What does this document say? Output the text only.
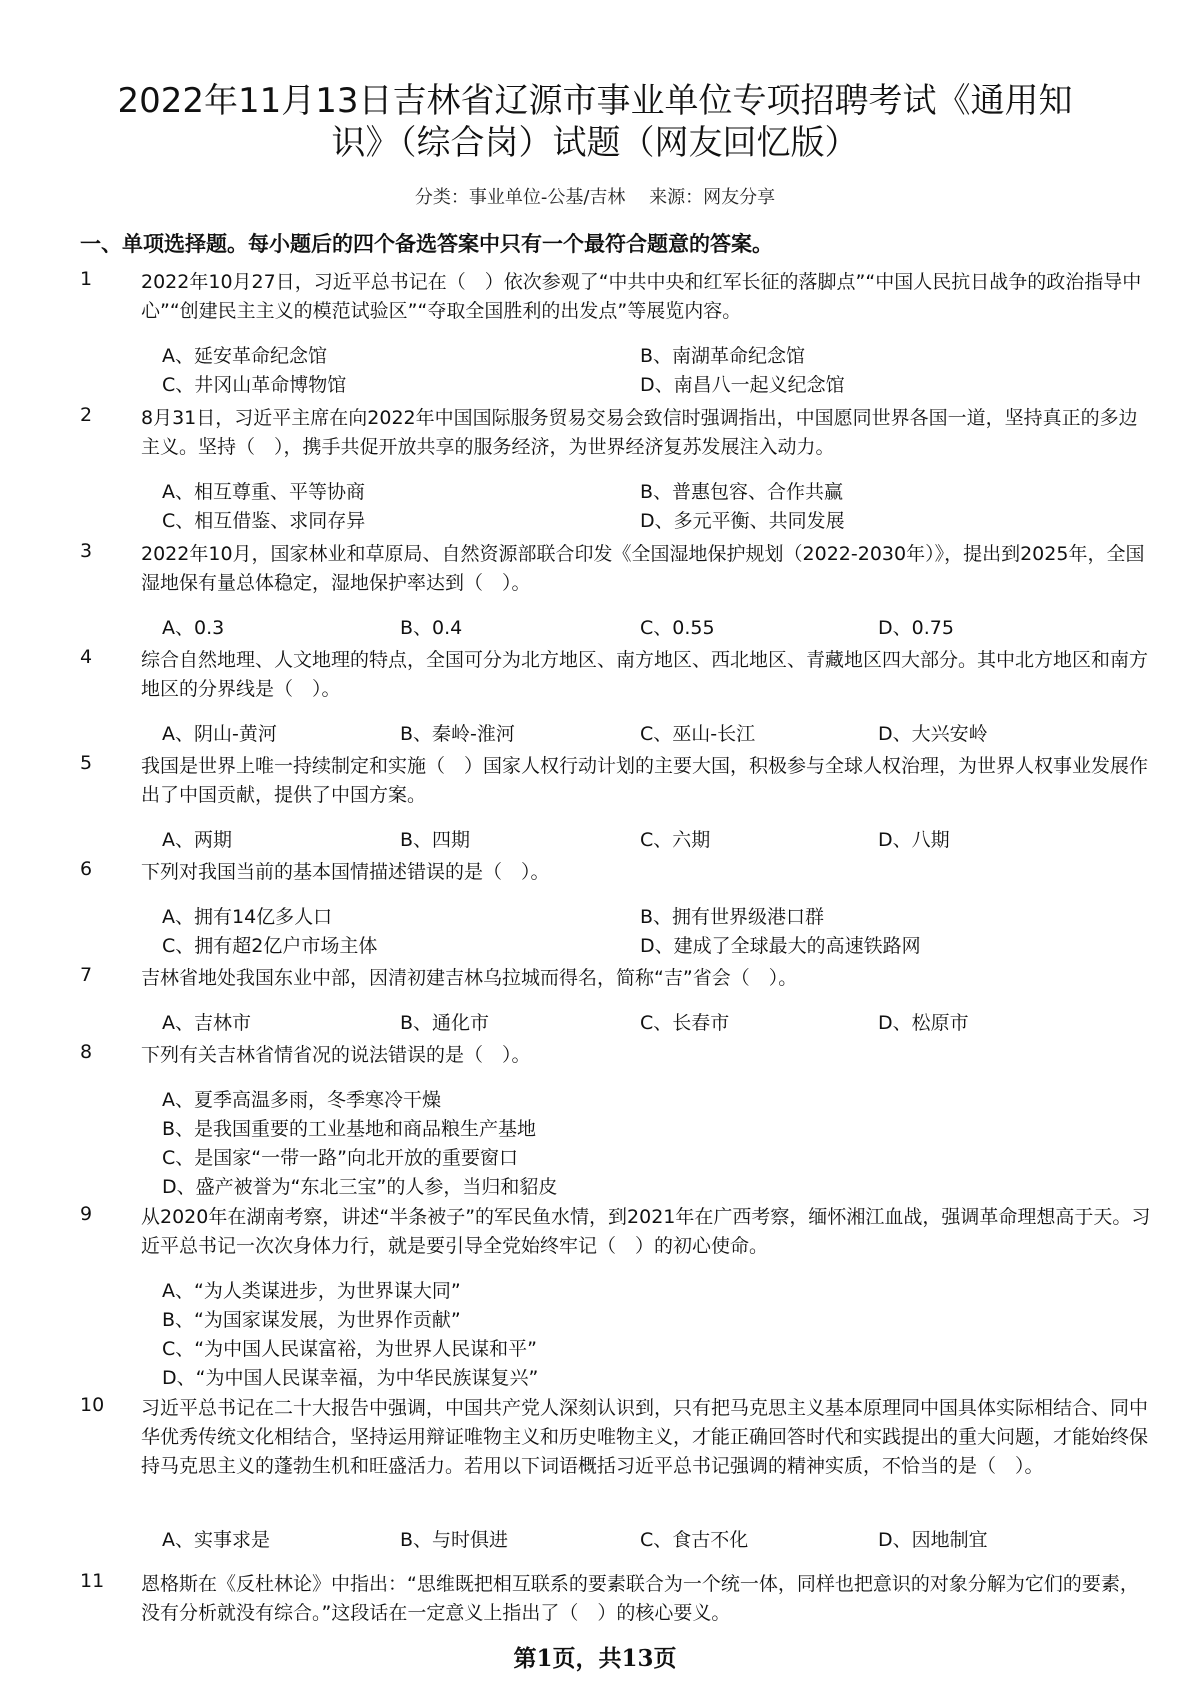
2022年11月13日吉林省辽源市事业单位专项招聘考试《通用知
识》（综合岗）试题（网友回忆版）
分类：事业单位-公基/吉林 来源：网友分享
一、单项选择题。每小题后的四个备选答案中只有一个最符合题意的答案。
1	2022年10月27日，习近平总书记在（　）依次参观了“中共中央和红军长征的落脚点”“中国人民抗日战争的政治指导中心”“创建民主主义的模范试验区”“夺取全国胜利的出发点”等展览内容。
A、延安革命纪念馆	B、南湖革命纪念馆
C、井冈山革命博物馆	D、南昌八一起义纪念馆
2	8月31日，习近平主席在向2022年中国国际服务贸易交易会致信时强调指出，中国愿同世界各国一道，坚持真正的多边主义。坚持（　），携手共促开放共享的服务经济，为世界经济复苏发展注入动力。
A、相互尊重、平等协商	B、普惠包容、合作共赢
C、相互借鉴、求同存异	D、多元平衡、共同发展
3	2022年10月，国家林业和草原局、自然资源部联合印发《全国湿地保护规划（2022-2030年）》，提出到2025年，全国湿地保有量总体稳定，湿地保护率达到（　）。
A、0.3	B、0.4	C、0.55	D、0.75
4	综合自然地理、人文地理的特点，全国可分为北方地区、南方地区、西北地区、青藏地区四大部分。其中北方地区和南方地区的分界线是（　）。
A、阴山-黄河	B、秦岭-淮河	C、巫山-长江	D、大兴安岭
5	我国是世界上唯一持续制定和实施（　）国家人权行动计划的主要大国，积极参与全球人权治理，为世界人权事业发展作出了中国贡献，提供了中国方案。
A、两期	B、四期	C、六期	D、八期
6	下列对我国当前的基本国情描述错误的是（　）。
A、拥有14亿多人口	B、拥有世界级港口群
C、拥有超2亿户市场主体	D、建成了全球最大的高速铁路网
7	吉林省地处我国东业中部，因清初建吉林乌拉城而得名，简称“吉”省会（　）。
A、吉林市	B、通化市	C、长春市	D、松原市
8	下列有关吉林省情省况的说法错误的是（　）。
A、夏季高温多雨，冬季寒冷干燥
B、是我国重要的工业基地和商品粮生产基地
C、是国家“一带一路”向北开放的重要窗口
D、盛产被誉为“东北三宝”的人参，当归和貂皮
9	从2020年在湖南考察，讲述“半条被子”的军民鱼水情，到2021年在广西考察，缅怀湘江血战，强调革命理想高于天。习近平总书记一次次身体力行，就是要引导全党始终牢记（　）的初心使命。
A、“为人类谋进步，为世界谋大同”
B、“为国家谋发展，为世界作贡献”
C、“为中国人民谋富裕，为世界人民谋和平”
D、“为中国人民谋幸福，为中华民族谋复兴”
10 习近平总书记在二十大报告中强调，中国共产党人深刻认识到，只有把马克思主义基本原理同中国具体实际相结合、同中华优秀传统文化相结合，坚持运用辩证唯物主义和历史唯物主义，才能正确回答时代和实践提出的重大问题，才能始终保持马克思主义的蓬勃生机和旺盛活力。若用以下词语概括习近平总书记强调的精神实质，不恰当的是（　）。
A、实事求是	B、与时俱进	C、食古不化	D、因地制宜
11 恩格斯在《反杜林论》中指出：“思维既把相互联系的要素联合为一个统一体，同样也把意识的对象分解为它们的要素，没有分析就没有综合。”这段话在一定意义上指出了（　）的核心要义。
第1页，共13页
